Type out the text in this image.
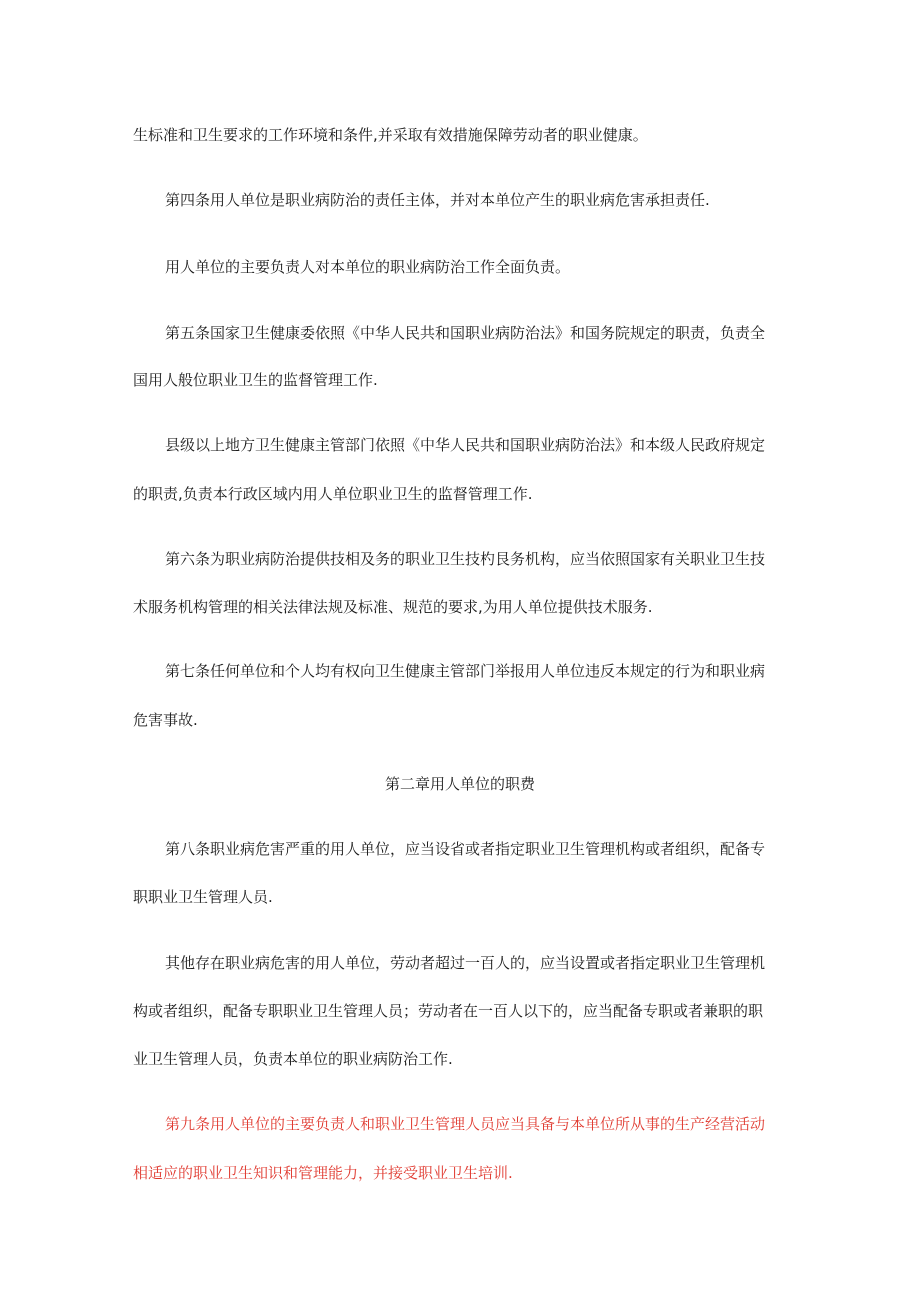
生标准和卫生要求的工作环境和条件,并采取有效措施保障劳动者的职业健康。
第四条用人单位是职业病防治的责任主体，并对本单位产生的职业病危害承担责任.
用人单位的主要负责人对本单位的职业病防治工作全面负责。
第五条国家卫生健康委依照《中华人民共和国职业病防治法》和国务院规定的职责，负责全
国用人般位职业卫生的监督管理工作.
县级以上地方卫生健康主管部门依照《中华人民共和国职业病防治法》和本级人民政府规定
的职责,负责本行政区域内用人单位职业卫生的监督管理工作.
第六条为职业病防治提供技相及务的职业卫生技杓艮务机构，应当依照国家有关职业卫生技
术服务机构管理的相关法律法规及标准、规范的要求,为用人单位提供技术服务.
第七条任何单位和个人均有权向卫生健康主管部门举报用人单位违反本规定的行为和职业病
危害事故.
第二章用人单位的职费
第八条职业病危害严重的用人单位，应当设省或者指定职业卫生管理机构或者组织，配备专
职职业卫生管理人员.
其他存在职业病危害的用人单位，劳动者超过一百人的，应当设置或者指定职业卫生管理机
构或者组织，配备专职职业卫生管理人员；劳动者在一百人以下的，应当配备专职或者兼职的职
业卫生管理人员，负责本单位的职业病防治工作.
第九条用人单位的主要负责人和职业卫生管理人员应当具备与本单位所从事的生产经营活动
相适应的职业卫生知识和管理能力，并接受职业卫生培训.
